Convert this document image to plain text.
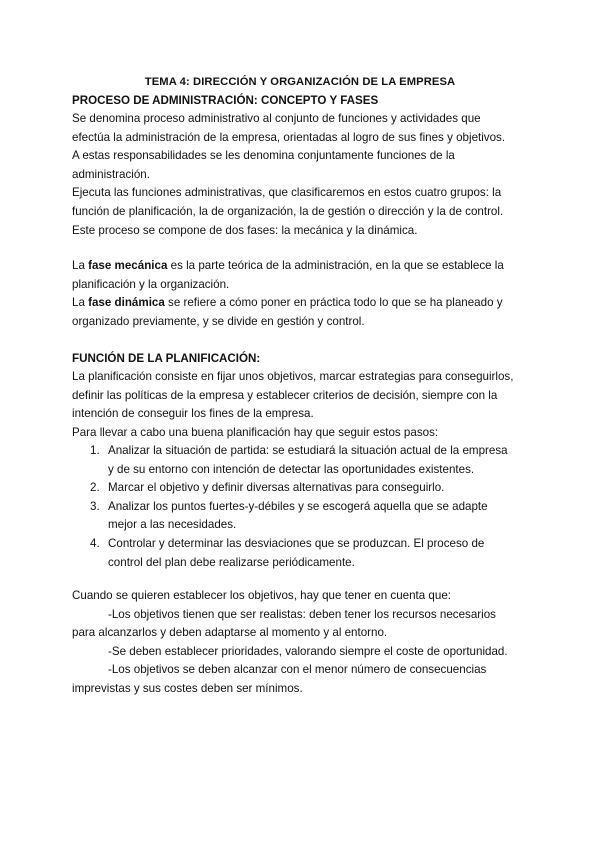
TEMA 4: DIRECCIÓN Y ORGANIZACIÓN DE LA EMPRESA
PROCESO DE ADMINISTRACIÓN: CONCEPTO Y FASES
Se denomina proceso administrativo al conjunto de funciones y actividades que
efectúa la administración de la empresa, orientadas al logro de sus fines y objetivos.
A estas responsabilidades se les denomina conjuntamente funciones de la
administración.
Ejecuta las funciones administrativas, que clasificaremos en estos cuatro grupos: la
función de planificación, la de organización, la de gestión o dirección y la de control.
Este proceso se compone de dos fases: la mecánica y la dinámica.
La fase mecánica es la parte teórica de la administración, en la que se establece la
planificación y la organización.
La fase dinámica se refiere a cómo poner en práctica todo lo que se ha planeado y
organizado previamente, y se divide en gestión y control.
FUNCIÓN DE LA PLANIFICACIÓN:
La planificación consiste en fijar unos objetivos, marcar estrategias para conseguirlos,
definir las políticas de la empresa y establecer criterios de decisión, siempre con la
intención de conseguir los fines de la empresa.
Para llevar a cabo una buena planificación hay que seguir estos pasos:
1. Analizar la situación de partida: se estudiará la situación actual de la empresa
y de su entorno con intención de detectar las oportunidades existentes.
2. Marcar el objetivo y definir diversas alternativas para conseguirlo.
3. Analizar los puntos fuertes-y-débiles y se escogerá aquella que se adapte
mejor a las necesidades.
4. Controlar y determinar las desviaciones que se produzcan. El proceso de
control del plan debe realizarse periódicamente.
Cuando se quieren establecer los objetivos, hay que tener en cuenta que:
-Los objetivos tienen que ser realistas: deben tener los recursos necesarios
para alcanzarlos y deben adaptarse al momento y al entorno.
-Se deben establecer prioridades, valorando siempre el coste de oportunidad.
-Los objetivos se deben alcanzar con el menor número de consecuencias
imprevistas y sus costes deben ser mínimos.
